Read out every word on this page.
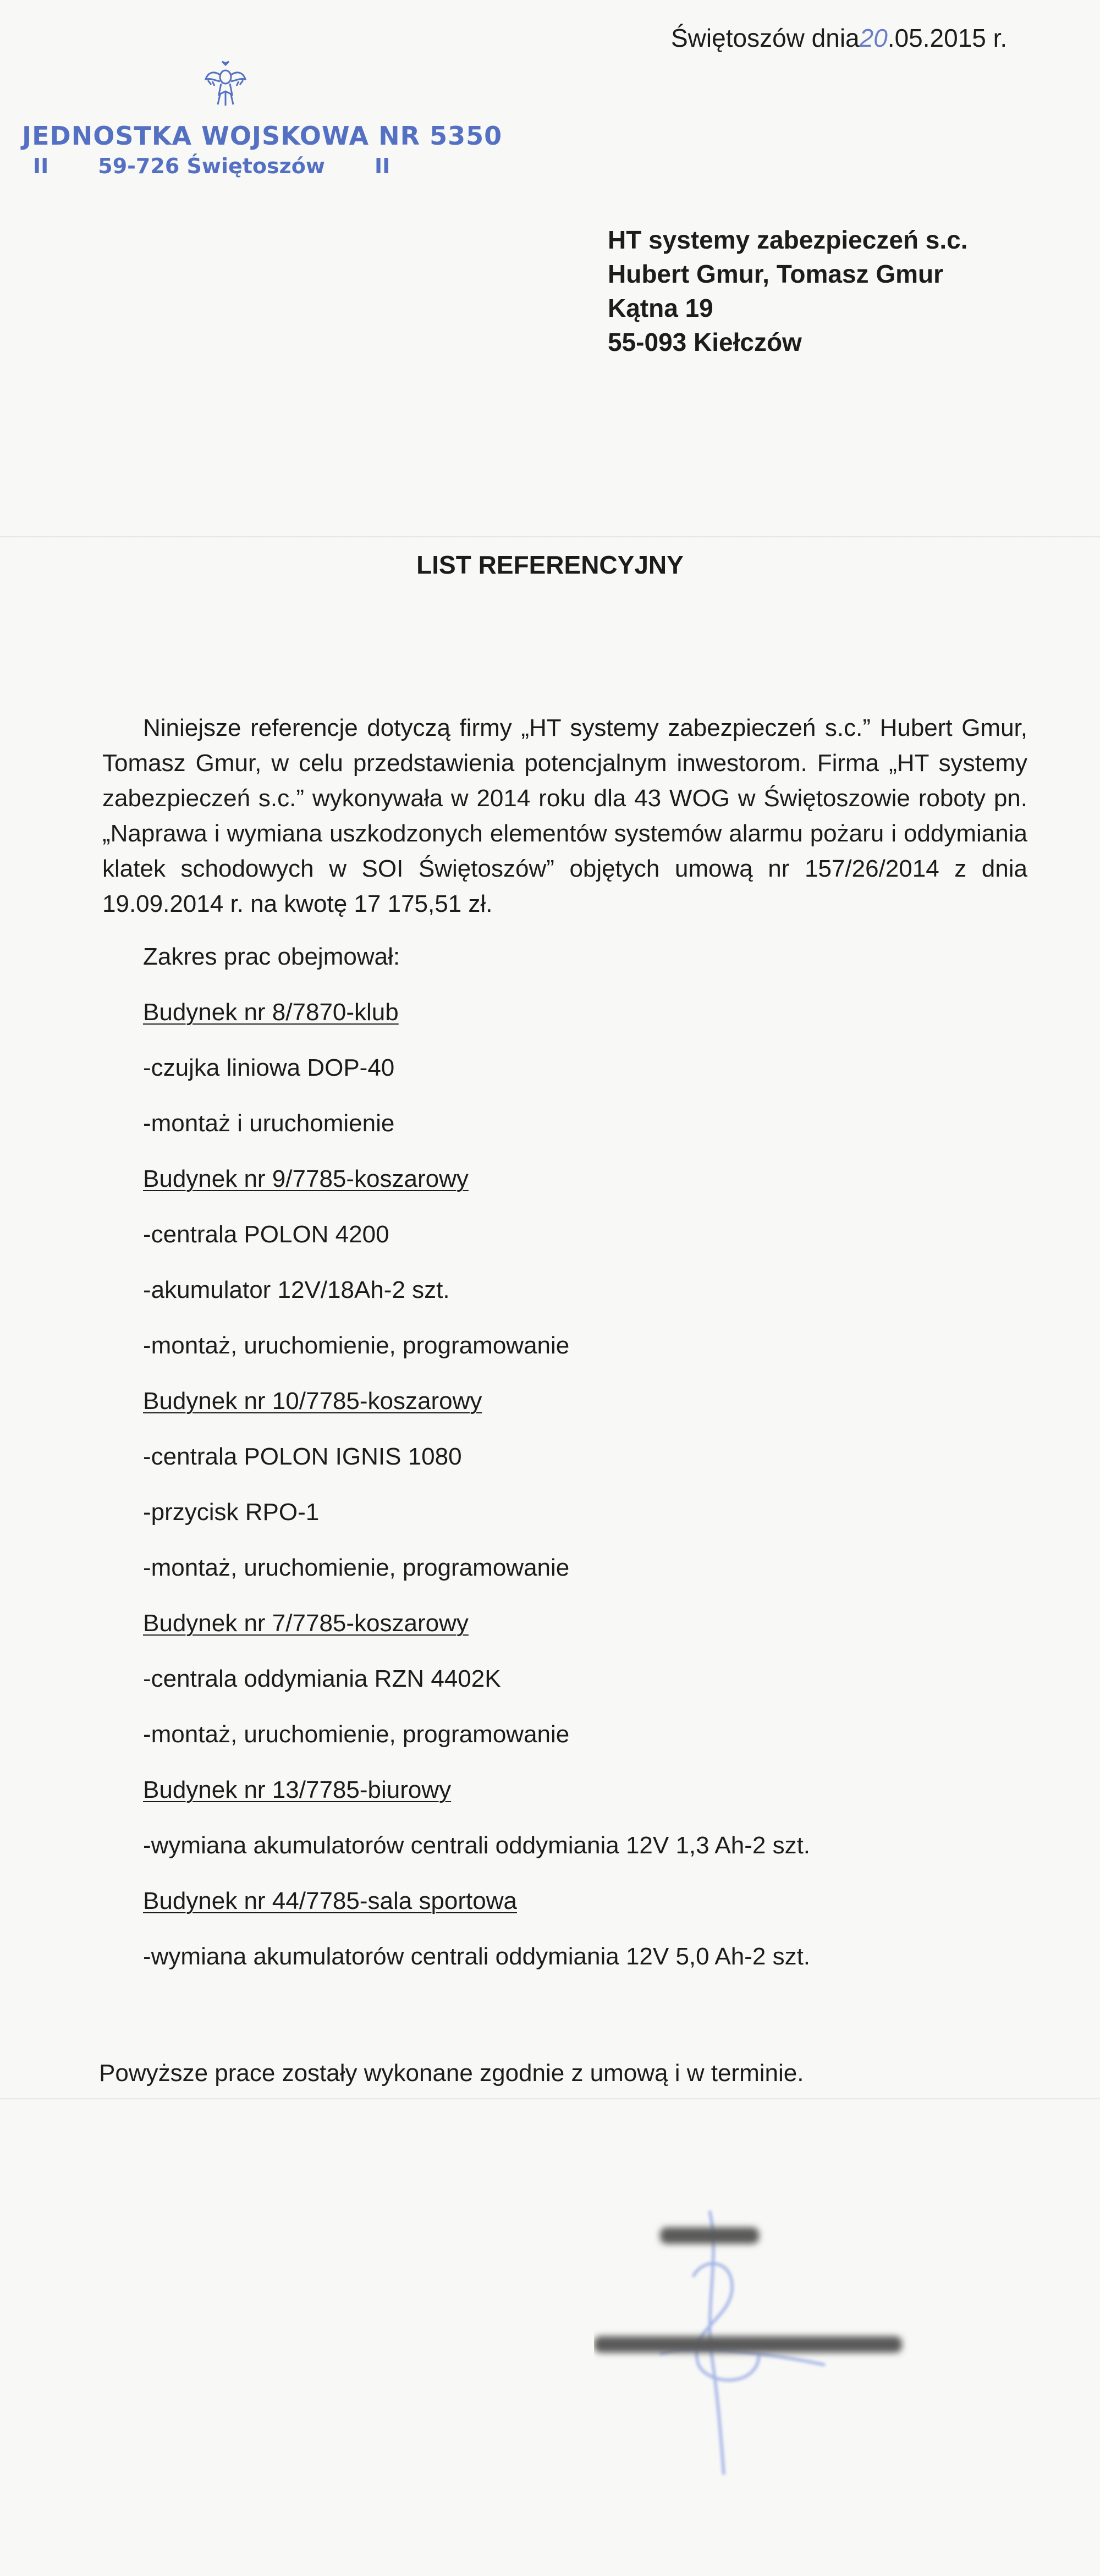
Świętoszów dnia20.05.2015 r.
JEDNOSTKA WOJSKOWA NR 5350
II 59-726 Świętoszów II
HT systemy zabezpieczeń s.c.
Hubert Gmur, Tomasz Gmur
Kątna 19
55-093 Kiełczów
LIST REFERENCYJNY
Niniejsze referencje dotyczą firmy „HT systemy zabezpieczeń s.c.” Hubert Gmur, Tomasz Gmur, w celu przedstawienia potencjalnym inwestorom. Firma „HT systemy zabezpieczeń s.c.” wykonywała w 2014 roku dla 43 WOG w Świętoszowie roboty pn. „Naprawa i wymiana uszkodzonych elementów systemów alarmu pożaru i oddymiania klatek schodowych w SOI Świętoszów” objętych umową nr 157/26/2014 z dnia 19.09.2014 r. na kwotę 17 175,51 zł.
Zakres prac obejmował:
Budynek nr 8/7870-klub
-czujka liniowa DOP-40
-montaż i uruchomienie
Budynek nr 9/7785-koszarowy
-centrala POLON 4200
-akumulator 12V/18Ah-2 szt.
-montaż, uruchomienie, programowanie
Budynek nr 10/7785-koszarowy
-centrala POLON IGNIS 1080
-przycisk RPO-1
-montaż, uruchomienie, programowanie
Budynek nr 7/7785-koszarowy
-centrala oddymiania RZN 4402K
-montaż, uruchomienie, programowanie
Budynek nr 13/7785-biurowy
-wymiana akumulatorów centrali oddymiania 12V 1,3 Ah-2 szt.
Budynek nr 44/7785-sala sportowa
-wymiana akumulatorów centrali oddymiania 12V 5,0 Ah-2 szt.
Powyższe prace zostały wykonane zgodnie z umową i w terminie.
